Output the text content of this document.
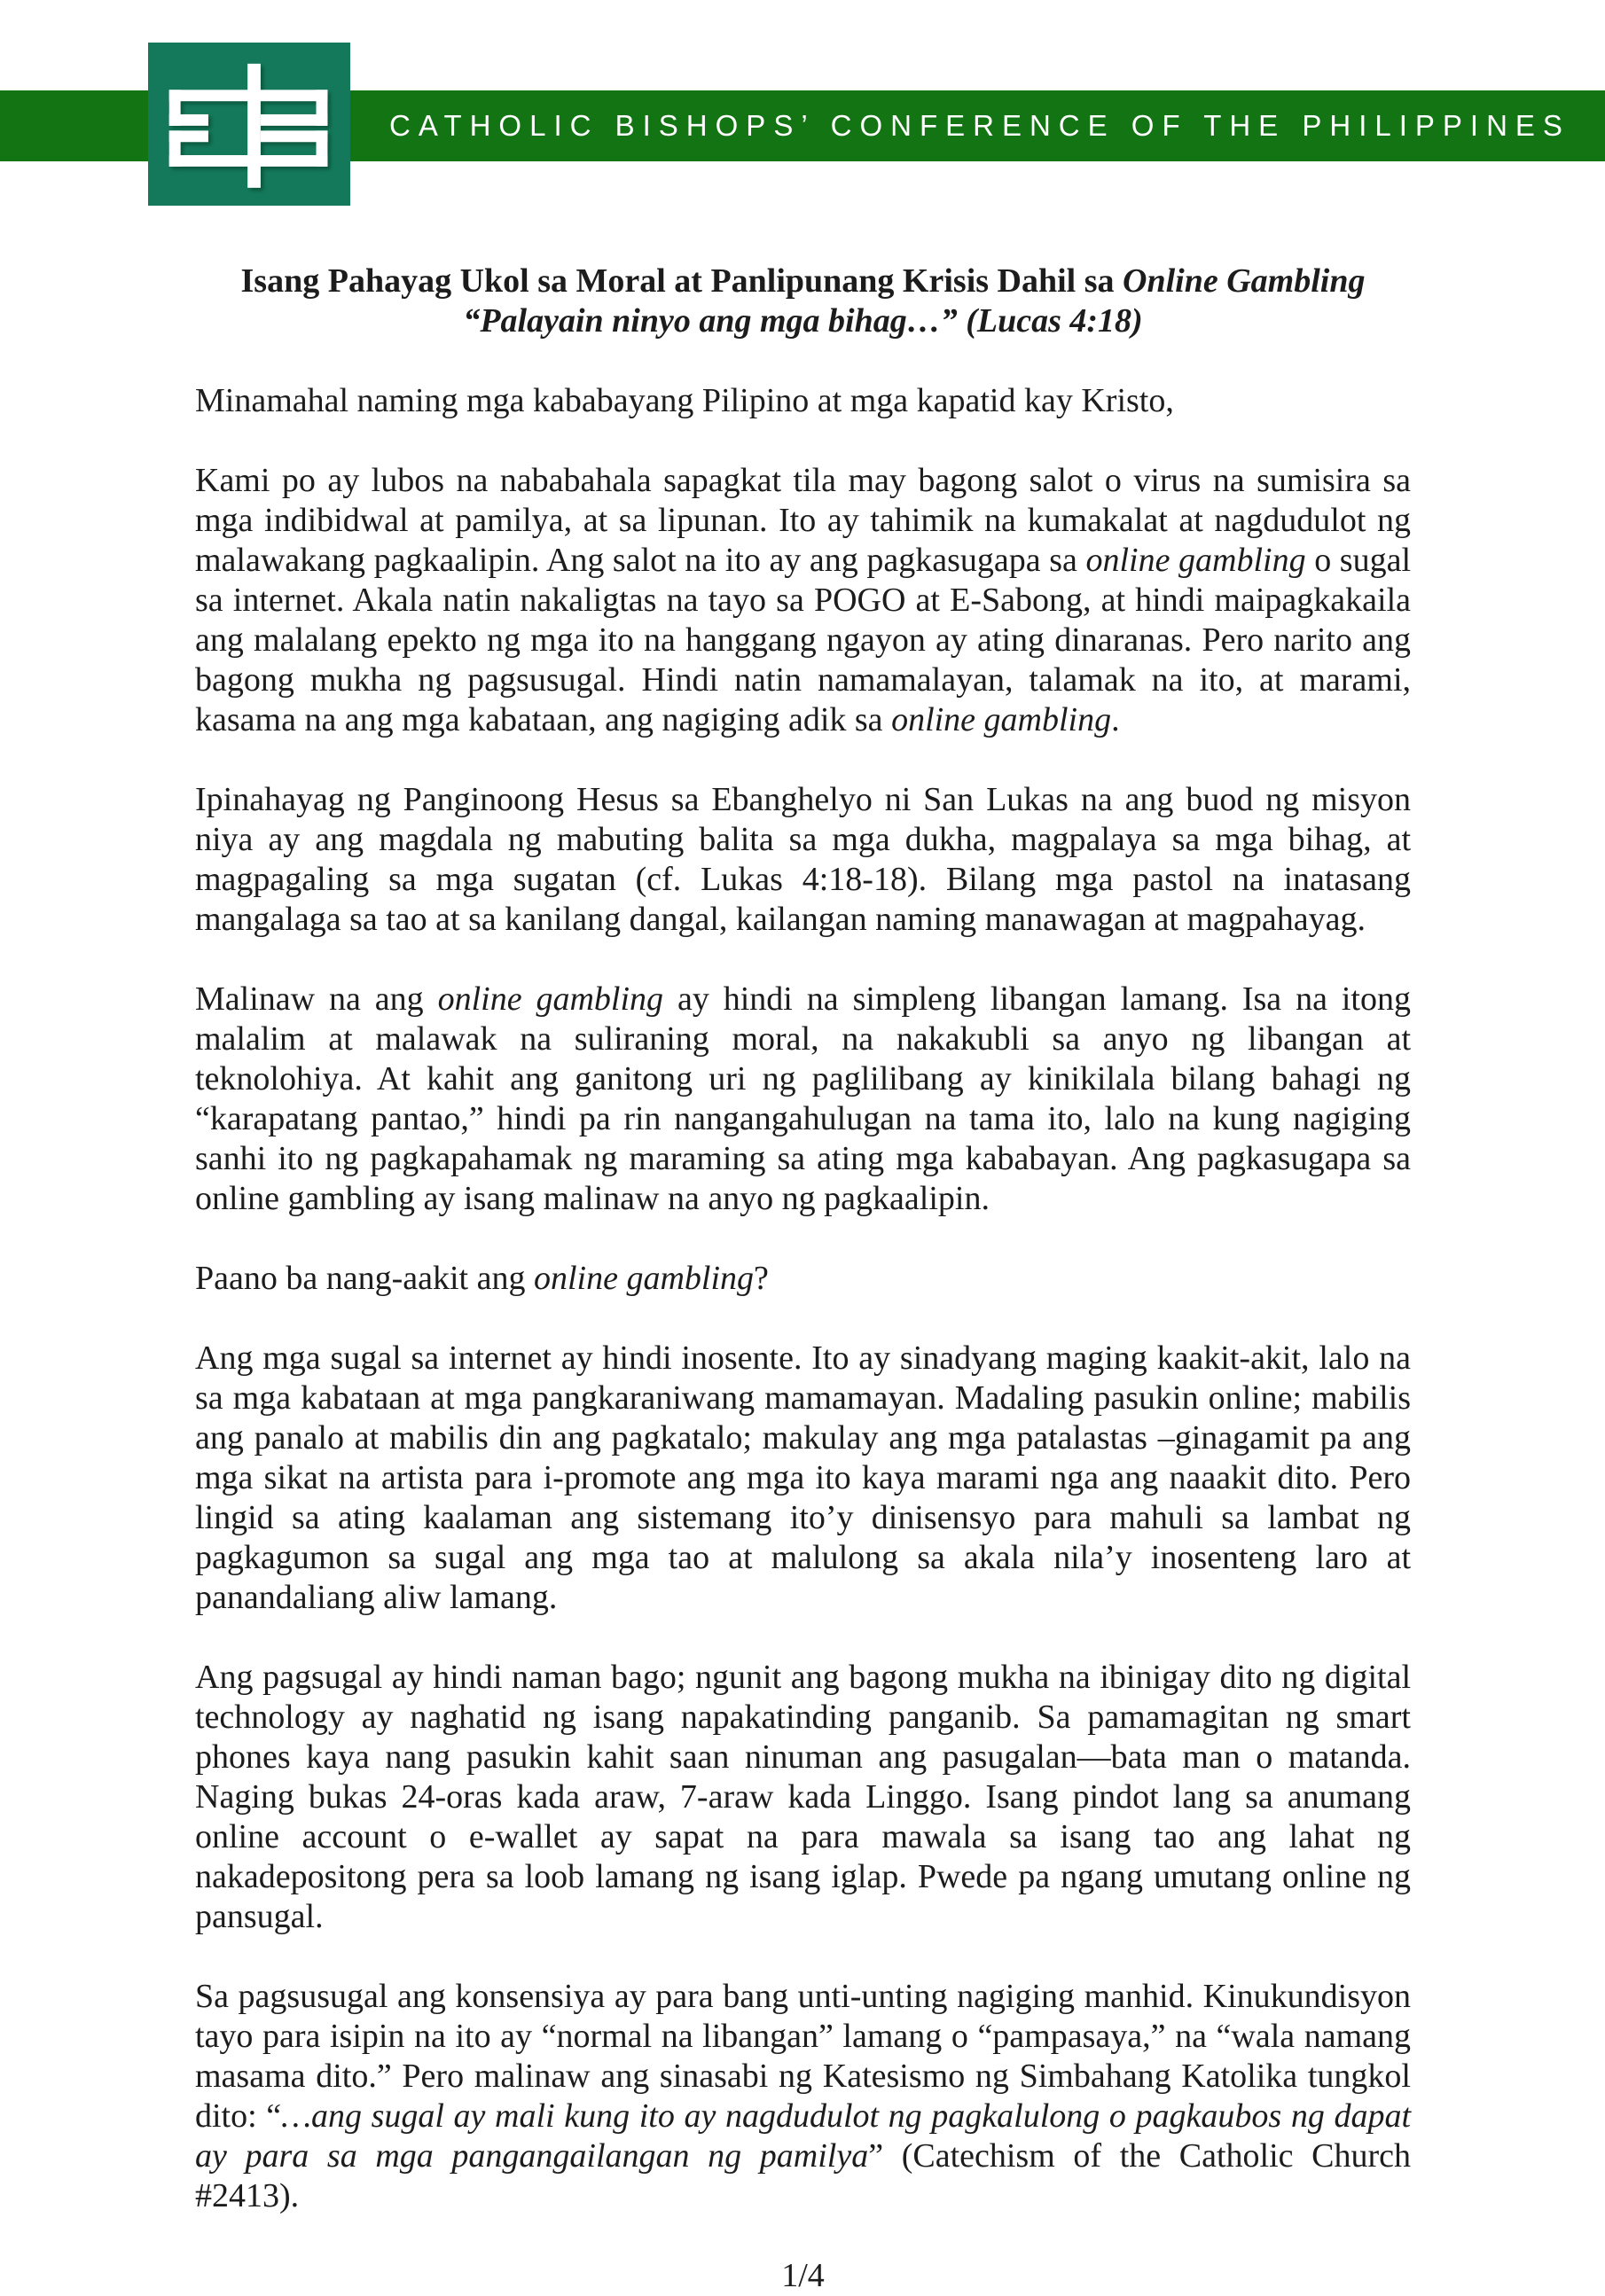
CATHOLIC BISHOPS’ CONFERENCE OF THE PHILIPPINES
Isang Pahayag Ukol sa Moral at Panlipunang Krisis Dahil sa Online Gambling
“Palayain ninyo ang mga bihag…” (Lucas 4:18)
Minamahal naming mga kababayang Pilipino at mga kapatid kay Kristo,
Kami po ay lubos na nababahala sapagkat tila may bagong salot o virus na sumisira sa mga indibidwal at pamilya, at sa lipunan. Ito ay tahimik na kumakalat at nagdudulot ng malawakang pagkaalipin. Ang salot na ito ay ang pagkasugapa sa online gambling o sugal sa internet. Akala natin nakaligtas na tayo sa POGO at E-Sabong, at hindi maipagkakaila ang malalang epekto ng mga ito na hanggang ngayon ay ating dinaranas. Pero narito ang bagong mukha ng pagsusugal. Hindi natin namamalayan, talamak na ito, at marami, kasama na ang mga kabataan, ang nagiging adik sa online gambling.
Ipinahayag ng Panginoong Hesus sa Ebanghelyo ni San Lukas na ang buod ng misyon niya ay ang magdala ng mabuting balita sa mga dukha, magpalaya sa mga bihag, at magpagaling sa mga sugatan (cf. Lukas 4:18-18). Bilang mga pastol na inatasang mangalaga sa tao at sa kanilang dangal, kailangan naming manawagan at magpahayag.
Malinaw na ang online gambling ay hindi na simpleng libangan lamang. Isa na itong malalim at malawak na suliraning moral, na nakakubli sa anyo ng libangan at teknolohiya. At kahit ang ganitong uri ng paglilibang ay kinikilala bilang bahagi ng “karapatang pantao,” hindi pa rin nangangahulugan na tama ito, lalo na kung nagiging sanhi ito ng pagkapahamak ng maraming sa ating mga kababayan. Ang pagkasugapa sa online gambling ay isang malinaw na anyo ng pagkaalipin.
Paano ba nang-aakit ang online gambling?
Ang mga sugal sa internet ay hindi inosente. Ito ay sinadyang maging kaakit-akit, lalo na sa mga kabataan at mga pangkaraniwang mamamayan. Madaling pasukin online; mabilis ang panalo at mabilis din ang pagkatalo; makulay ang mga patalastas –ginagamit pa ang mga sikat na artista para i-promote ang mga ito kaya marami nga ang naaakit dito. Pero lingid sa ating kaalaman ang sistemang ito’y dinisensyo para mahuli sa lambat ng pagkagumon sa sugal ang mga tao at malulong sa akala nila’y inosenteng laro at panandaliang aliw lamang.
Ang pagsugal ay hindi naman bago; ngunit ang bagong mukha na ibinigay dito ng digital technology ay naghatid ng isang napakatinding panganib. Sa pamamagitan ng smart phones kaya nang pasukin kahit saan ninuman ang pasugalan—bata man o matanda. Naging bukas 24-oras kada araw, 7-araw kada Linggo. Isang pindot lang sa anumang online account o e-wallet ay sapat na para mawala sa isang tao ang lahat ng nakadepositong pera sa loob lamang ng isang iglap. Pwede pa ngang umutang online ng pansugal.
Sa pagsusugal ang konsensiya ay para bang unti-unting nagiging manhid. Kinukundisyon tayo para isipin na ito ay “normal na libangan” lamang o “pampasaya,” na “wala namang masama dito.” Pero malinaw ang sinasabi ng Katesismo ng Simbahang Katolika tungkol dito: “…ang sugal ay mali kung ito ay nagdudulot ng pagkalulong o pagkaubos ng dapat ay para sa mga pangangailangan ng pamilya” (Catechism of the Catholic Church #2413).
1/4
